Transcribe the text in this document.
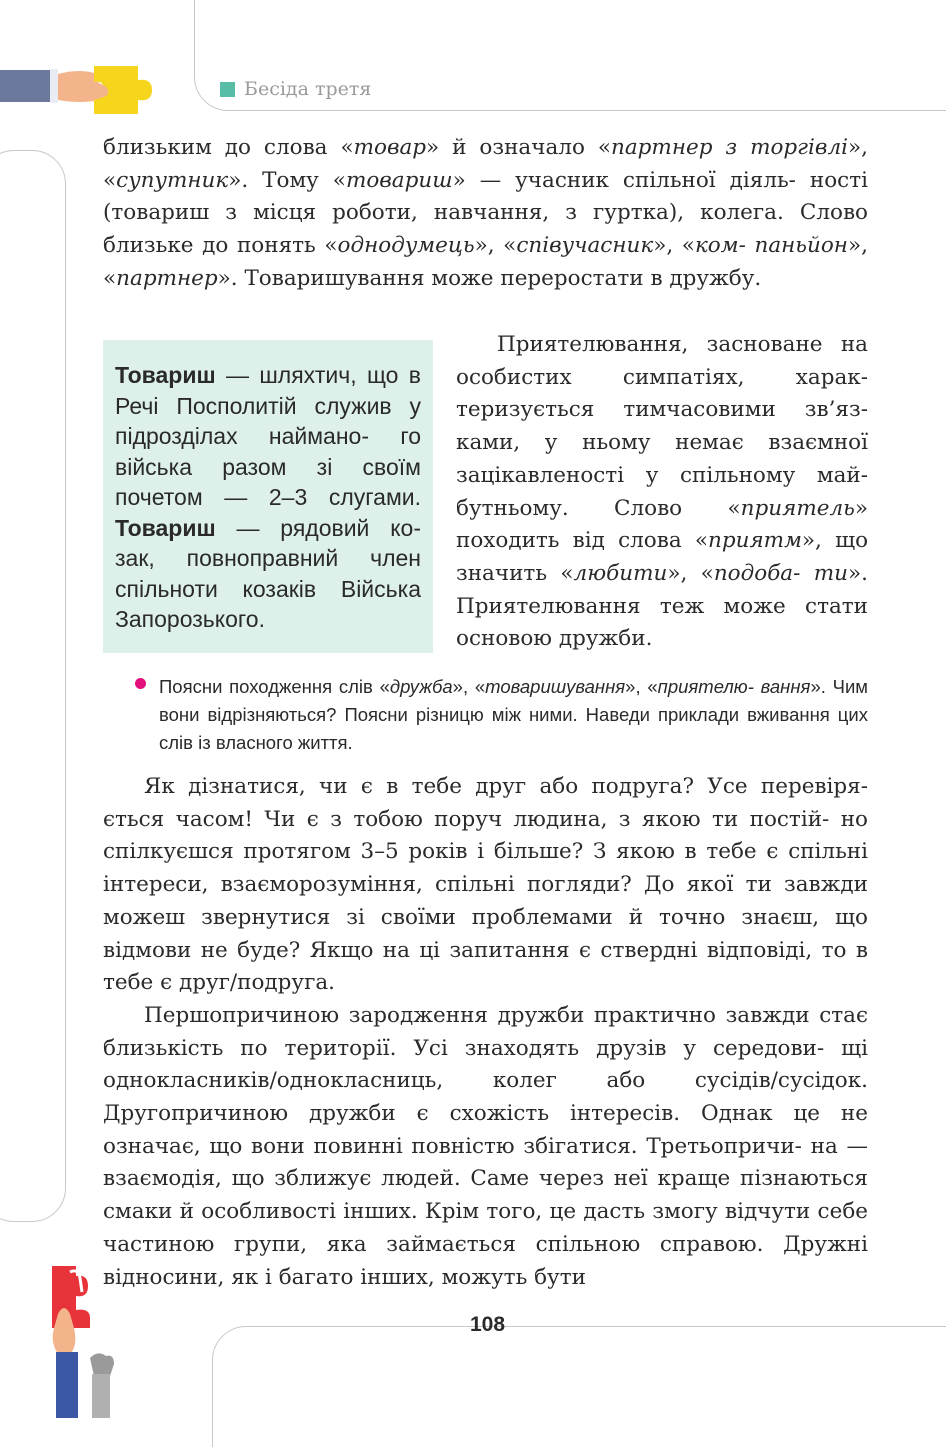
Бесіда третя

близьким до слова «товар» й означало «партнер з торгівлі», «супутник». Тому «товариш» — учасник спільної діяль- ності (товариш з місця роботи, навчання, з гуртка), колега. Слово близьке до понять «однодумець», «співучасник», «ком- паньйон», «партнер». Товаришування може переростати в дружбу.

Товариш — шляхтич, що в Речі Посполитій служив у підрозділах наймано- го війська разом зі своїм почетом — 2–3 слугами. Товариш — рядовий ко- зак, повноправний член спільноти козаків Війська Запорозького.

Приятелювання, засноване на особистих симпатіях, харак- теризується тимчасовими зв’яз- ками, у ньому немає взаємної зацікавленості у спільному май- бутньому. Слово «приятель» походить від слова «приятм», що значить «любити», «подоба- ти». Приятелювання теж може стати основою дружби.

Поясни походження слів «дружба», «товаришування», «приятелю- вання». Чим вони відрізняються? Поясни різницю між ними. Наведи приклади вживання цих слів із власного життя.

Як дізнатися, чи є в тебе друг або подруга? Усе перевіря- ється часом! Чи є з тобою поруч людина, з якою ти постій- но спілкуєшся протягом 3–5 років і більше? З якою в тебе є спільні інтереси, взаєморозуміння, спільні погляди? До якої ти завжди можеш звернутися зі своїми проблемами й точно знаєш, що відмови не буде? Якщо на ці запитання є ствердні відповіді, то в тебе є друг/подруга.

Першопричиною зародження дружби практично завжди стає близькість по території. Усі знаходять друзів у середови- щі однокласників/однокласниць, колег або сусідів/сусідок. Другопричиною дружби є схожість інтересів. Однак це не означає, що вони повинні повністю збігатися. Третьопричи- на — взаємодія, що зближує людей. Саме через неї краще пізнаються смаки й особливості інших. Крім того, це дасть змогу відчути себе частиною групи, яка займається спільною справою. Дружні відносини, як і багато інших, можуть бути

108
